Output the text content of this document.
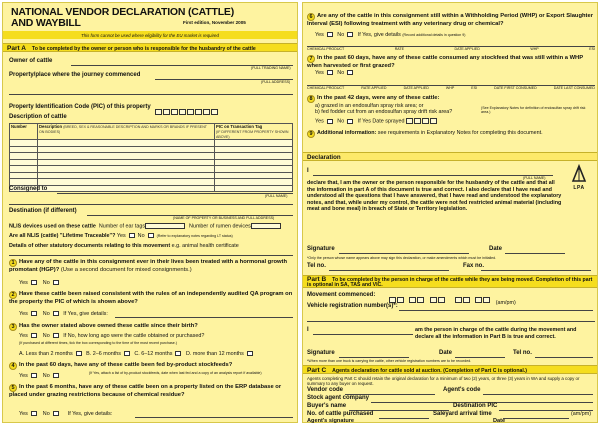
NATIONAL VENDOR DECLARATION (CATTLE)
AND WAYBILL	First edition, November 2005
This form cannot be used where eligibility for the EU market is required
Part A To be completed by the owner or person who is responsible for the husbandry of the cattle
Owner of cattle
(FULL TRADING NAME)
Property/place where the journey commenced
(FULL ADDRESS)
Property Identification Code (PIC) of this property
Description of cattle
Number	Description (BREED, SEX & REASONABLE DESCRIPTION AND MARKS OR BRANDS IF PRESENT ON BODIES)	PIC on Transaction Tag
(IF DIFFERENT FROM PROPERTY SHOWN ABOVE)

Consigned to
(FULL NAME)
Destination (if different)
(NAME OF PROPERTY OR BUSINESS AND FULL ADDRESS)
NLIS devices used on these cattle Number of ear tags	Number of rumen devices
Are all NLIS (cattle) "Lifetime Traceable"? Yes No	(Refer to explanatory notes regarding LT status)
Details of other statutory documents relating to this movement e.g. animal health certificate
1 Have any of the cattle in this consignment ever in their lives been treated with a hormonal growth promotant (HGP)? (Use a second document for mixed consignments.)
Yes	No
2 Have these cattle been raised consistent with the rules of an independently audited QA program on the property the PIC of which is shown above?
Yes	No	If Yes, give details:
3 Has the owner stated above owned these cattle since their birth?
Yes	No	If No, how long ago were the cattle obtained or purchased?
(If purchased at different times, tick the box corresponding to the time of the most recent purchase.)
A. Less than 2 months	B. 2–6 months	C. 6–12 months	D. more than 12 months
4 In the past 60 days, have any of these cattle been fed by-product stockfeeds?
Yes	No	(If Yes, attach a list of by-product stockfeeds, date when last fed and a copy of an analysis report if available)
5 In the past 6 months, have any of these cattle been on a property listed on the ERP database or placed under grazing restrictions because of chemical residue?
Yes	No	If Yes, give details:
6 Are any of the cattle in this consignment still within a Withholding Period (WHP) or Export Slaughter Interval (ESI) following treatment with any veterinary drug or chemical?
Yes	No	If Yes, give details (Record additional details in question 9)
CHEMICAL PRODUCT	RATE	DATE APPLIED	WHP	ESI
7 In the past 60 days, have any of these cattle consumed any stockfeed that was still within a WHP when harvested or first grazed?
Yes	No
CHEMICAL PRODUCT	RATE APPLIED	DATE APPLIED	WHP	ESI	DATE FIRST CONSUMED	DATE LAST CONSUMED
8 In the past 42 days, were any of these cattle:
a) grazed in an endosulfan spray risk area; or
b) fed fodder cut from an endosulfan spray drift risk area?
(See Explanatory Notes for definition of endosulfan spray drift risk area.)
Yes	No	If Yes Date sprayed
9 Additional information: see requirements in Explanatory Notes for completing this document.
Declaration
I
(FULL NAME)
LPA
declare that, I am the owner or the person responsible for the husbandry of the cattle and that all the information in part A of this document is true and correct. I also declare that I have read and understood all the questions that I have answered, that I have read and understood the explanatory notes, and that, while under my control, the cattle were not fed restricted animal material (including meat and bone meal) in breach of State or Territory legislation.
Signature	Date
*Only the person whose name appears above may sign this declaration, or make amendments which must be initialled.
Tel no.	Fax no.
Part B To be completed by the person in charge of the cattle while they are being moved. Completion of this part is optional in SA, TAS and VIC.
Movement commenced:
(am/pm)
Vehicle registration number(s)*:
I	am the person in charge of the cattle during the movement and declare all the information in Part B is true and correct.
Signature	Date	Tel no.
*When more than one truck is carrying the cattle, other vehicle registration numbers are to be recorded.
Part C Agents declaration for cattle sold at auction. (Completion of Part C is optional.)
Agents completing Part C should retain the original declaration for a minimum of two (2) years, or three (3) years in WA and supply a copy or summary to any buyer on request.
Vendor code	Agent's code
Stock agent company
Buyer's name	Destination PIC
No. of cattle purchased	Saleyard arrival time	(am/pm)
Agent's signature	Date
